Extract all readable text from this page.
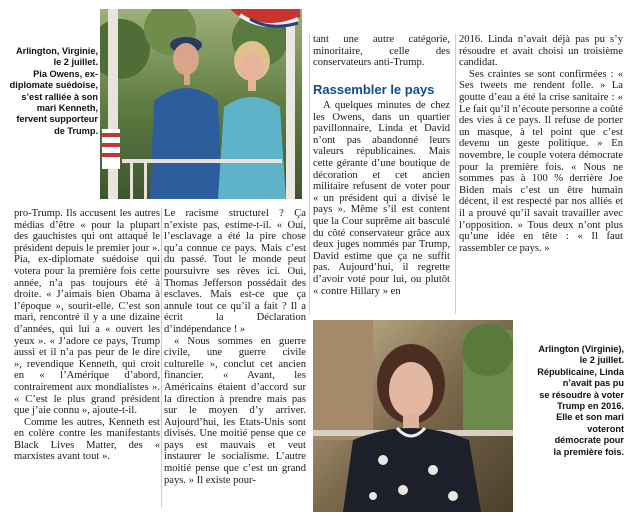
Arlington, Virginie,
le 2 juillet.
Pia Owens, ex-
diplomate suédoise,
s’est ralliée à son
mari Kenneth,
fervent supporteur
de Trump.

pro-Trump. Ils accusent les autres médias d’être « pour la plupart des gauchistes qui ont attaqué le président depuis le premier jour ». Pia, ex-diplomate suédoise qui votera pour la première fois cette année, n’a pas toujours été à droite. « J’aimais bien Obama à l’époque », sourit-elle. C’est son mari, rencontré il y a une dizaine d’années, qui lui a « ouvert les yeux ». « J’adore ce pays, Trump aussi et il n’a pas peur de le dire », revendique Kenneth, qui croit en « l’Amérique d’abord, contrairement aux mondialistes ». « C’est le plus grand président que j’aie connu », ajoute-t-il.

Comme les autres, Kenneth est en colère contre les manifestants Black Lives Matter, des « marxistes avant tout ».

Le racisme structurel ? Ça n’existe pas, estime-t-il. « Oui, l’esclavage a été la pire chose qu’a connue ce pays. Mais c’est du passé. Tout le monde peut poursuivre ses rêves ici. Oui, Thomas Jefferson possédait des esclaves. Mais est-ce que ça annule tout ce qu’il a fait ? Il a écrit la Déclaration d’indépendance ! »

« Nous sommes en guerre civile, une guerre civile culturelle », conclut cet ancien financier. « Avant, les Américains étaient d’accord sur la direction à prendre mais pas sur le moyen d’y arriver. Aujourd’hui, les Etats-Unis sont divisés. Une moitié pense que ce pays est mauvais et veut instaurer le socialisme. L’autre moitié pense que c’est un grand pays. » Il existe pour-

tant une autre catégorie, minoritaire, celle des conservateurs anti-Trump.

Rassembler le pays

A quelques minutes de chez les Owens, dans un quartier pavillonnaire, Linda et David n’ont pas abandonné leurs valeurs républicaines. Mais cette gérante d’une boutique de décoration et cet ancien militaire refusent de voter pour « un président qui a divisé le pays ». Même s’il est content que la Cour suprême ait basculé du côté conservateur grâce aux deux juges nommés par Trump, David estime que ça ne suffit pas. Aujourd’hui, il regrette d’avoir voté pour lui, ou plutôt « contre Hillary » en

2016. Linda n’avait déjà pas pu s’y résoudre et avait choisi un troisième candidat.

Ses craintes se sont confirmées : « Ses tweets me rendent folle. » La goutte d’eau a été la crise sanitaire : « Le fait qu’il n’écoute personne a coûté des vies à ce pays. Il refuse de porter un masque, à tel point que c’est devenu un geste politique. » En novembre, le couple votera démocrate pour la première fois. « Nous ne sommes pas à 100 % derrière Joe Biden mais c’est un être humain décent, il est respecté par nos alliés et il a prouvé qu’il savait travailler avec l’opposition. » Tous deux n’ont plus qu’une idée en tête : « Il faut rassembler ce pays. »

Arlington (Virginie),
le 2 juillet.
Républicaine, Linda
n’avait pas pu
se résoudre à voter
Trump en 2016.
Elle et son mari
voteront
démocrate pour
la première fois.
